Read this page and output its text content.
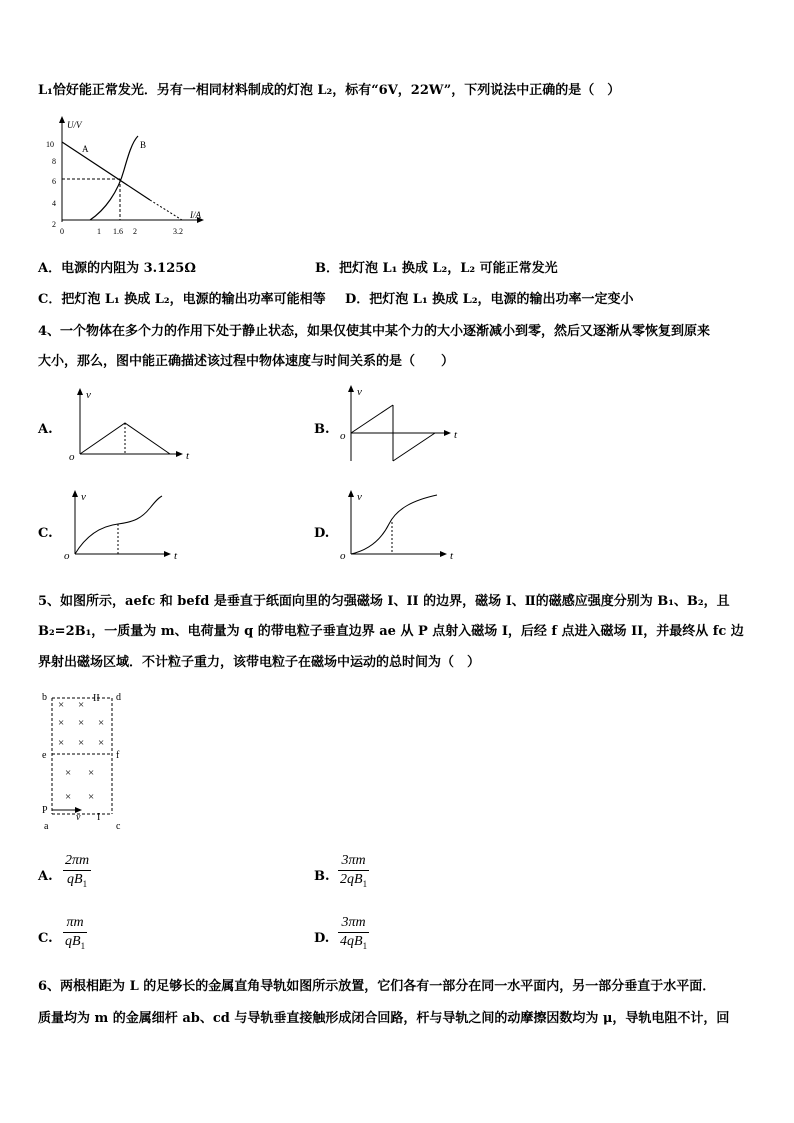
L₁恰好能正常发光．另有一相同材料制成的灯泡 L₂，标有“6V，22W”，下列说法中正确的是（　）
U/V
I/A
10
8
6
4
2
0	1 1.6 2	3.2
A	B
A．电源的内阻为 3.125Ω	B．把灯泡 L₁ 换成 L₂，L₂ 可能正常发光
C．把灯泡 L₁ 换成 L₂，电源的输出功率可能相等 D．把灯泡 L₁ 换成 L₂，电源的输出功率一定变小
4、一个物体在多个力的作用下处于静止状态，如果仅使其中某个力的大小逐渐减小到零，然后又逐渐从零恢复到原来
大小，那么，图中能正确描述该过程中物体速度与时间关系的是（　　）
A.
v
t
o
B.
v
t
o
C.
v
t
o
D.
v
t
o
5、如图所示，aefc 和 befd 是垂直于纸面向里的匀强磁场 I、II 的边界，磁场 I、Ⅱ的磁感应强度分别为 B₁、B₂，且
B₂=2B₁，一质量为 m、电荷量为 q 的带电粒子垂直边界 ae 从 P 点射入磁场 I，后经 f 点进入磁场 II，并最终从 fc 边
界射出磁场区域．不计粒子重力，该带电粒子在磁场中运动的总时间为（　）
b	d
II
e	f
P
a	c
I
v
× × ×
× × ×
× ×
× ×
× ×
A. $\frac{2\pi m}{qB_1}$	B. $\frac{3\pi m}{2qB_1}$
C. $\frac{\pi m}{qB_1}$	D. $\frac{3\pi m}{4qB_1}$
6、两根相距为 L 的足够长的金属直角导轨如图所示放置，它们各有一部分在同一水平面内，另一部分垂直于水平面．
质量均为 m 的金属细杆 ab、cd 与导轨垂直接触形成闭合回路，杆与导轨之间的动摩擦因数均为 μ，导轨电阻不计，回
